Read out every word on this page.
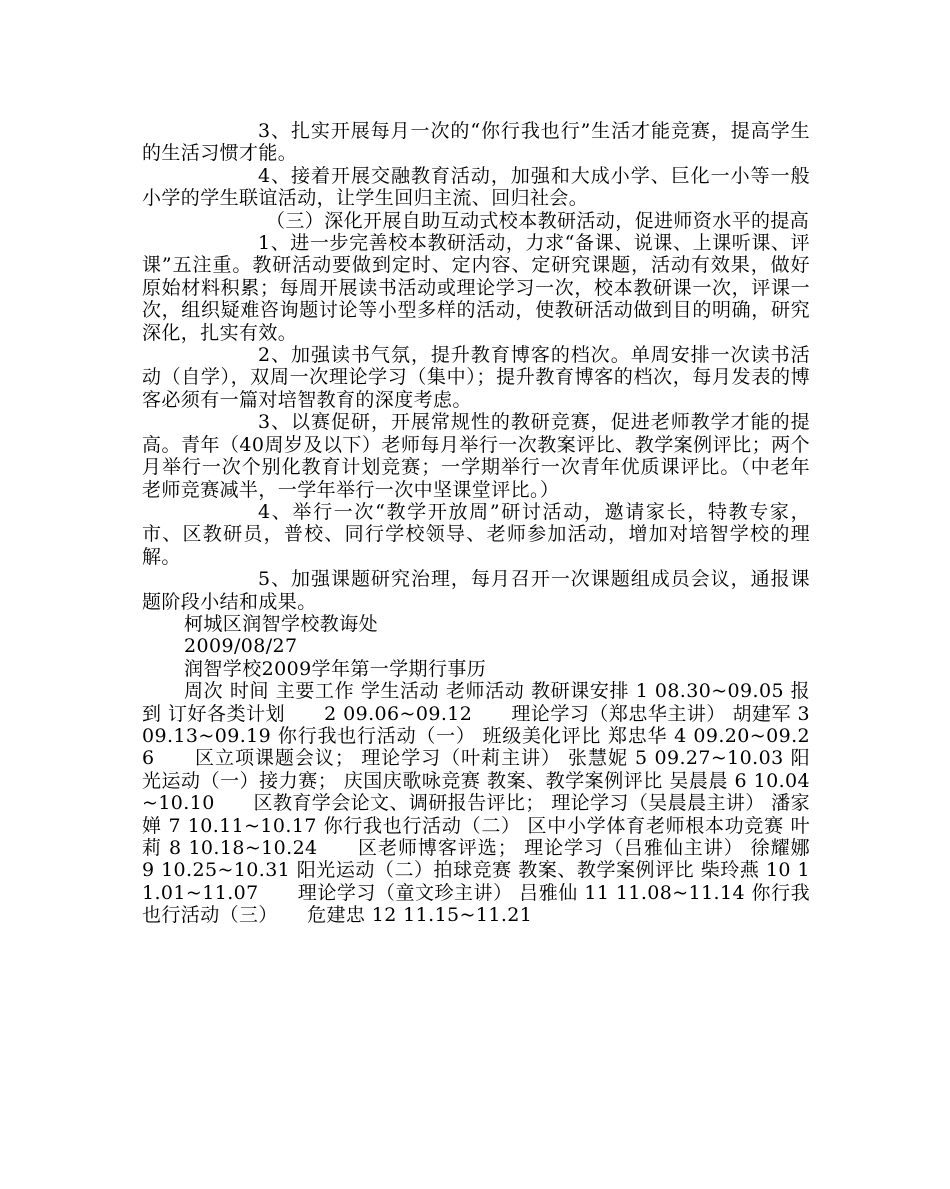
3、扎实开展每月一次的“你行我也行”生活才能竞赛，提高学生的生活习惯才能。

4、接着开展交融教育活动，加强和大成小学、巨化一小等一般小学的学生联谊活动，让学生回归主流、回归社会。

（三）深化开展自助互动式校本教研活动，促进师资水平的提高

1、进一步完善校本教研活动，力求“备课、说课、上课听课、评课”五注重。教研活动要做到定时、定内容、定研究课题，活动有效果，做好原始材料积累；每周开展读书活动或理论学习一次，校本教研课一次，评课一次，组织疑难咨询题讨论等小型多样的活动，使教研活动做到目的明确，研究深化，扎实有效。

2、加强读书气氛，提升教育博客的档次。单周安排一次读书活动（自学），双周一次理论学习（集中）；提升教育博客的档次，每月发表的博客必须有一篇对培智教育的深度考虑。

3、以赛促研，开展常规性的教研竞赛，促进老师教学才能的提高。青年（40周岁及以下）老师每月举行一次教案评比、教学案例评比；两个月举行一次个别化教育计划竞赛；一学期举行一次青年优质课评比。（中老年老师竞赛减半，一学年举行一次中坚课堂评比。）

4、举行一次“教学开放周”研讨活动，邀请家长，特教专家，市、区教研员，普校、同行学校领导、老师参加活动，增加对培智学校的理解。

5、加强课题研究治理，每月召开一次课题组成员会议，通报课题阶段小结和成果。

柯城区润智学校教诲处

2009/08/27

润智学校2009学年第一学期行事历

周次 时间 主要工作 学生活动 老师活动 教研课安排 1 08.30~09.05 报到 订好各类计划　　2 09.06~09.12　　理论学习（郑忠华主讲） 胡建军 3 09.13~09.19 你行我也行活动（一） 班级美化评比 郑忠华 4 09.20~09.26　　区立项课题会议； 理论学习（叶莉主讲） 张慧妮 5 09.27~10.03 阳光运动（一）接力赛； 庆国庆歌咏竞赛 教案、教学案例评比 吴晨晨 6 10.04~10.10　　区教育学会论文、调研报告评比； 理论学习（吴晨晨主讲） 潘家婵 7 10.11~10.17 你行我也行活动（二） 区中小学体育老师根本功竞赛 叶　莉 8 10.18~10.24　　区老师博客评选； 理论学习（吕雅仙主讲） 徐耀娜 9 10.25~10.31 阳光运动（二）拍球竞赛 教案、教学案例评比 柴玲燕 10 11.01~11.07　　理论学习（童文珍主讲） 吕雅仙 11 11.08~11.14 你行我也行活动（三）　　危建忠 12 11.15~11.21
